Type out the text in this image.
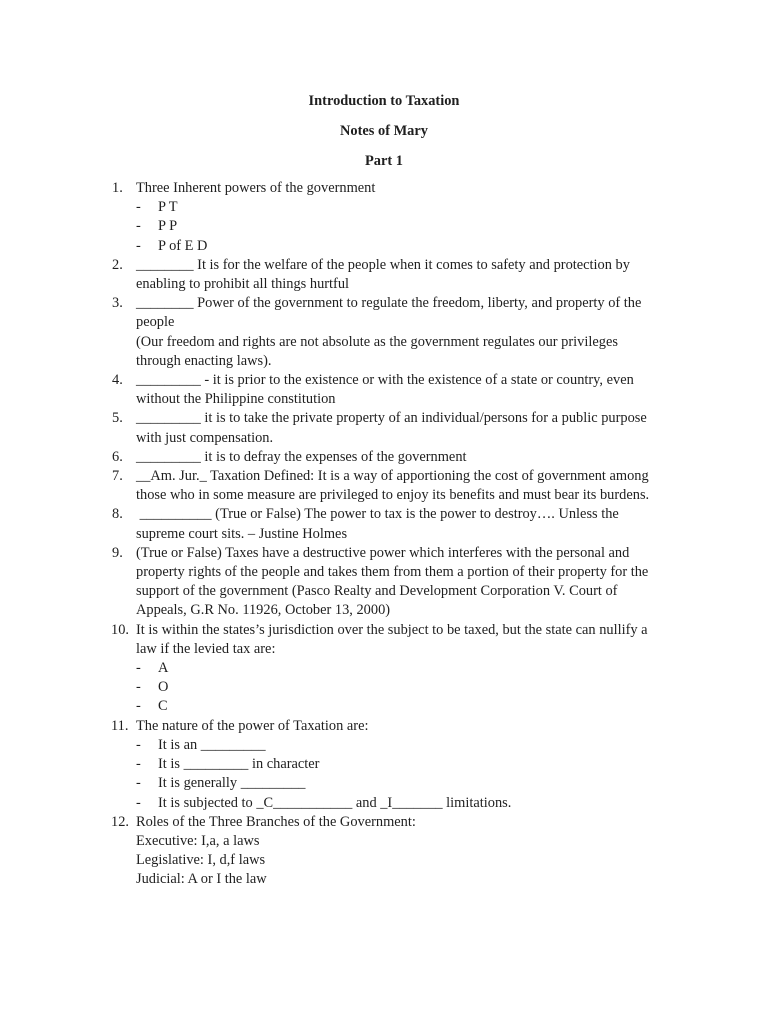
Introduction to Taxation
Notes of Mary
Part 1
1. Three Inherent powers of the government
- P T
- P P
- P of E D
2. ________ It is for the welfare of the people when it comes to safety and protection by
enabling to prohibit all things hurtful
3. ________ Power of the government to regulate the freedom, liberty, and property of the
people
(Our freedom and rights are not absolute as the government regulates our privileges
through enacting laws).
4. _________ - it is prior to the existence or with the existence of a state or country, even
without the Philippine constitution
5. _________ it is to take the private property of an individual/persons for a public purpose
with just compensation.
6. _________ it is to defray the expenses of the government
7. __Am. Jur._ Taxation Defined: It is a way of apportioning the cost of government among
those who in some measure are privileged to enjoy its benefits and must bear its burdens.
8. __________ (True or False) The power to tax is the power to destroy…. Unless the
supreme court sits. – Justine Holmes
9. (True or False) Taxes have a destructive power which interferes with the personal and
property rights of the people and takes them from them a portion of their property for the
support of the government (Pasco Realty and Development Corporation V. Court of
Appeals, G.R No. 11926, October 13, 2000)
10. It is within the states’s jurisdiction over the subject to be taxed, but the state can nullify a
law if the levied tax are:
- A
- O
- C
11. The nature of the power of Taxation are:
- It is an _________
- It is _________ in character
- It is generally _________
- It is subjected to _C___________ and _I_______ limitations.
12. Roles of the Three Branches of the Government:
Executive: I,a, a laws
Legislative: I, d,f laws
Judicial: A or I the law
